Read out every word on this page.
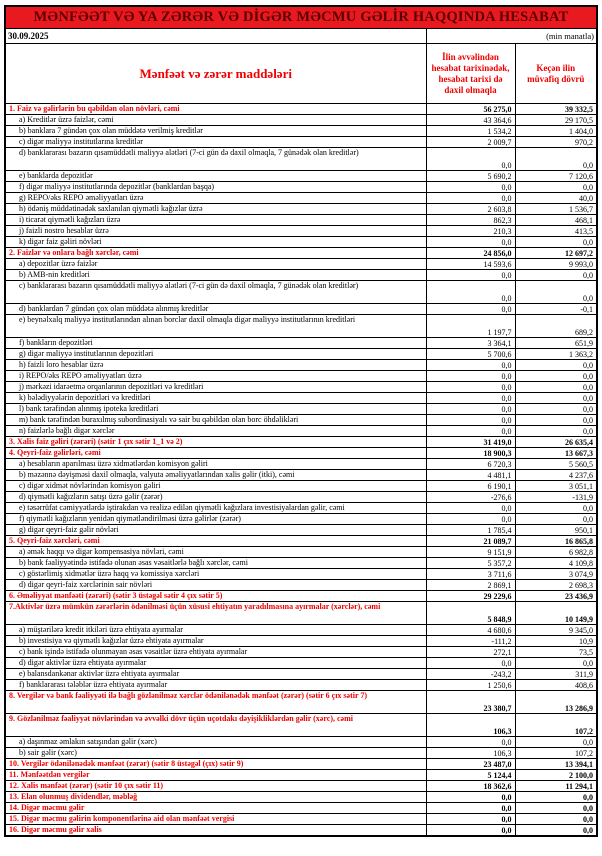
MƏNFƏƏT VƏ YA ZƏRƏR VƏ DİGƏR MƏCMU GƏLİR HAQQINDA HESABAT
30.09.2025	(min manatla)	
Mənfəət və zərər maddələri	İlin əvvəlindən hesabat tarixinədək, hesabat tarixi də daxil olmaqla	Keçən ilin müvafiq dövrü
1. Faiz və gəlirlərin bu qəbildən olan növləri, cəmi	56 275,0	39 332,5
a) Kreditlər üzrə faizlər, cəmi	43 364,6	29 170,5
b) banklara 7 gündən çox olan müddətə verilmiş kreditlər	1 534,2	1 404,0
c) digər maliyyə institutlarına kreditlər	2 009,7	970,2
d) banklararası bazarın qısamüddətli maliyyə alətləri (7-ci gün də daxil olmaqla, 7 günədək olan kreditlər)	0,0	0,0
e) banklarda depozitlər	5 690,2	7 120,6
f) digər maliyyə institutlarında depozitlər (banklardan başqa)	0,0	0,0
g) REPO/əks REPO əməliyyatları üzrə	0,0	40,0
h) ödəniş müddətinədək saxlanılan qiymətli kağızlar üzrə	2 603,8	1 536,7
i) ticarət qiymətli kağızları üzrə	862,3	468,1
j) faizli nostro hesablar üzrə	210,3	413,5
k) digər faiz gəliri növləri	0,0	0,0
2. Faizlər və onlara bağlı xərclər, cəmi	24 856,0	12 697,2
a) depozitlər üzrə faizlər	14 593,6	9 993,0
b) AMB-nin kreditləri	0,0	0,0
c) banklararası bazarın qısamüddətli maliyyə alətləri (7-ci gün də daxil olmaqla, 7 günədək olan kreditlər)	0,0	0,0
d) banklardan 7 gündən çox olan müddətə alınmış kreditlər	0,0	-0,1
e) beynəlxalq maliyyə institutlarından alınan borclar daxil olmaqla digər maliyyə institutlarının kreditləri	1 197,7	689,2
f) bankların depozitləri	3 364,1	651,9
g) digər maliyyə institutlarının depozitləri	5 700,6	1 363,2
h) faizli loro hesablar üzrə	0,0	0,0
i) REPO/əks REPO əməliyyatları üzrə	0,0	0,0
j) mərkəzi idarəetmə orqanlarının depozitləri və kreditləri	0,0	0,0
k) bələdiyyələrin depozitləri və kreditləri	0,0	0,0
l) bank tərəfindən alınmış ipoteka kreditləri	0,0	0,0
m) bank tərəfindən buraxılmış subordinasiyalı və sair bu qəbildən olan borc öhdəlikləri	0,0	0,0
n) faizlərlə bağlı digər xərclər	0,0	0,0
3. Xalis faiz gəliri (zərəri) (sətir 1 çıx sətir 1_1 və 2)	31 419,0	26 635,4
4. Qeyri-faiz gəlirləri, cəmi	18 900,3	13 667,3
a) hesabların aparılması üzrə xidmətlərdən komisyon gəliri	6 720,3	5 560,5
b) məzənnə dəyişməsi daxil olmaqla, valyuta əməliyyatlarından xalis gəlir (itki), cəmi	4 481,1	4 237,6
c) digər xidmət növlərindən komisyon gəliri	6 190,1	3 051,1
d) qiymətli kağızların satışı üzrə gəlir (zərər)	-276,6	-131,9
e) təsərrüfat cəmiyyətlərdə iştirakdan və realizə edilən qiymətli kağızlara investisiyalardan gəlir, cəmi	0,0	0,0
f) qiymətli kağızların yenidən qiymətləndirilməsi üzrə gəlirlər (zərər)	0,0	0,0
g) digər qeyri-faiz gəlir növləri	1 785,4	950,1
5. Qeyri-faiz xərcləri, cəmi	21 089,7	16 865,8
a) əmək haqqı və digər kompensasiya növləri, cəmi	9 151,9	6 982,8
b) bank fəaliyyətində istifadə olunan əsas vəsaitlərlə bağlı xərclər, cəmi	5 357,2	4 109,8
c) göstərlimiş xidmətlər üzrə haqq və komissiya xərcləri	3 711,6	3 074,9
d) digər qeyri-faiz xərclərinin sair növləri	2 869,1	2 698,3
6. Əməliyyat mənfəəti (zərəri) (sətir 3 üstəgəl sətir 4 çıx sətir 5)	29 229,6	23 436,9
7.Aktivlər üzrə mümkün zərərlərin ödənilməsi üçün xüsusi ehtiyatın yaradılmasına ayırmalar (xərclər), cəmi	5 848,9	10 149,9
a) müştərilərə kredit itkiləri üzrə ehtiyata ayırmalar	4 680,6	9 345,0
b) investisiya və qiymətli kağızlar üzrə ehtiyata ayırmalar	-111,2	10,9
c) bank işində istifadə olunmayan əsas vəsaitlər üzrə ehtiyata ayırmalar	272,1	73,5
d) digər aktivlər üzrə ehtiyata ayırmalar	0,0	0,0
e) balansdankənar aktivlər üzrə ehtiyata ayırmalar	-243,2	311,9
f) banklararası tələblər üzrə ehtiyata ayırmalar	1 250,6	408,6
8. Vergilər və bank fəaliyyəti ilə bağlı gözlənilməz xərclər ödənilənədək mənfəət (zərər) (sətir 6 çıx sətir 7)	23 380,7	13 286,9
9. Gözlənilməz fəaliyyət növlərindən və əvvəlki dövr üçün uçotdakı dəyişikliklərdən gəlir (xərc), cəmi	106,3	107,2
a) daşınmaz əmlakın satışından gəlir (xərc)	0,0	0,0
b) sair gəlir (xərc)	106,3	107,2
10. Vergilər ödənilənədək mənfəət (zərər) (sətir 8 üstəgəl (çıx) sətir 9)	23 487,0	13 394,1
11. Mənfəətdən vergilər	5 124,4	2 100,0
12. Xalis mənfəət (zərər) (sətir 10 çıx sətir 11)	18 362,6	11 294,1
13. Elan olunmuş dividendlər, məbləğ	0,0	0,0
14. Digər məcmu gəlir	0,0	0,0
15. Digər məcmu gəlirin komponentlərinə aid olan mənfəət vergisi	0,0	0,0
16. Digər məcmu gəlir xalis	0,0	0,0
